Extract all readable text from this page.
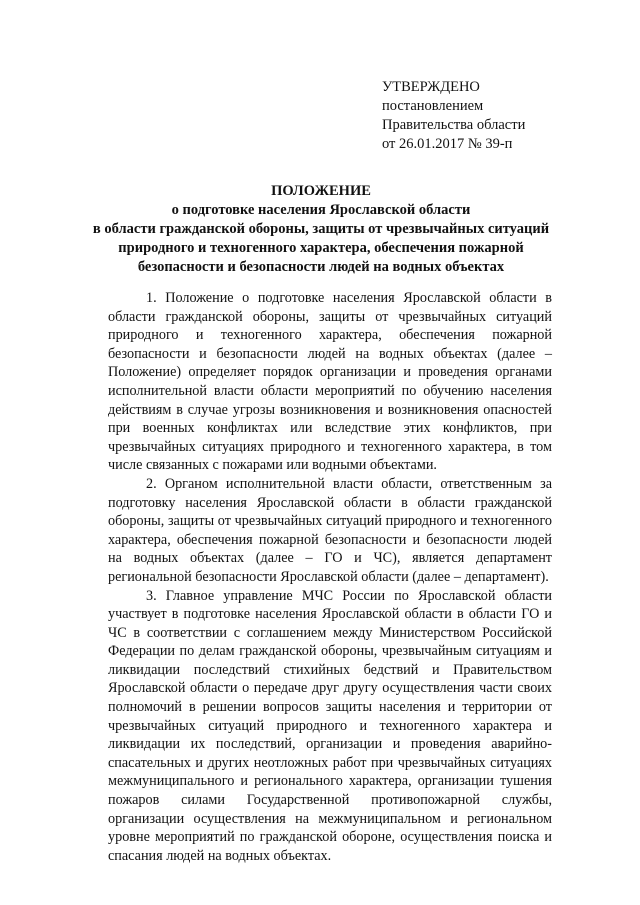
УТВЕРЖДЕНО
постановлением
Правительства области
от 26.01.2017 № 39-п
ПОЛОЖЕНИЕ
о подготовке населения Ярославской области
в области гражданской обороны, защиты от чрезвычайных ситуаций
природного и техногенного характера, обеспечения пожарной
безопасности и безопасности людей на водных объектах

1. Положение о подготовке населения Ярославской области в области гражданской обороны, защиты от чрезвычайных ситуаций природного и техногенного характера, обеспечения пожарной безопасности и безопасности людей на водных объектах (далее – Положение) определяет порядок организации и проведения органами исполнительной власти области мероприятий по обучению населения действиям в случае угрозы возникновения и возникновения опасностей при военных конфликтах или вследствие этих конфликтов, при чрезвычайных ситуациях природного и техногенного характера, в том числе связанных с пожарами или водными объектами.

2. Органом исполнительной власти области, ответственным за подготовку населения Ярославской области в области гражданской обороны, защиты от чрезвычайных ситуаций природного и техногенного характера, обеспечения пожарной безопасности и безопасности людей на водных объектах (далее – ГО и ЧС), является департамент региональной безопасности Ярославской области (далее – департамент).

3. Главное управление МЧС России по Ярославской области участвует в подготовке населения Ярославской области в области ГО и ЧС в соответствии с соглашением между Министерством Российской Федерации по делам гражданской обороны, чрезвычайным ситуациям и ликвидации последствий стихийных бедствий и Правительством Ярославской области о передаче друг другу осуществления части своих полномочий в решении вопросов защиты населения и территории от чрезвычайных ситуаций природного и техногенного характера и ликвидации их последствий, организации и проведения аварийно-спасательных и других неотложных работ при чрезвычайных ситуациях межмуниципального и регионального характера, организации тушения пожаров силами Государственной противопожарной службы, организации осуществления на межмуниципальном и региональном уровне мероприятий по гражданской обороне, осуществления поиска и спасания людей на водных объектах.
